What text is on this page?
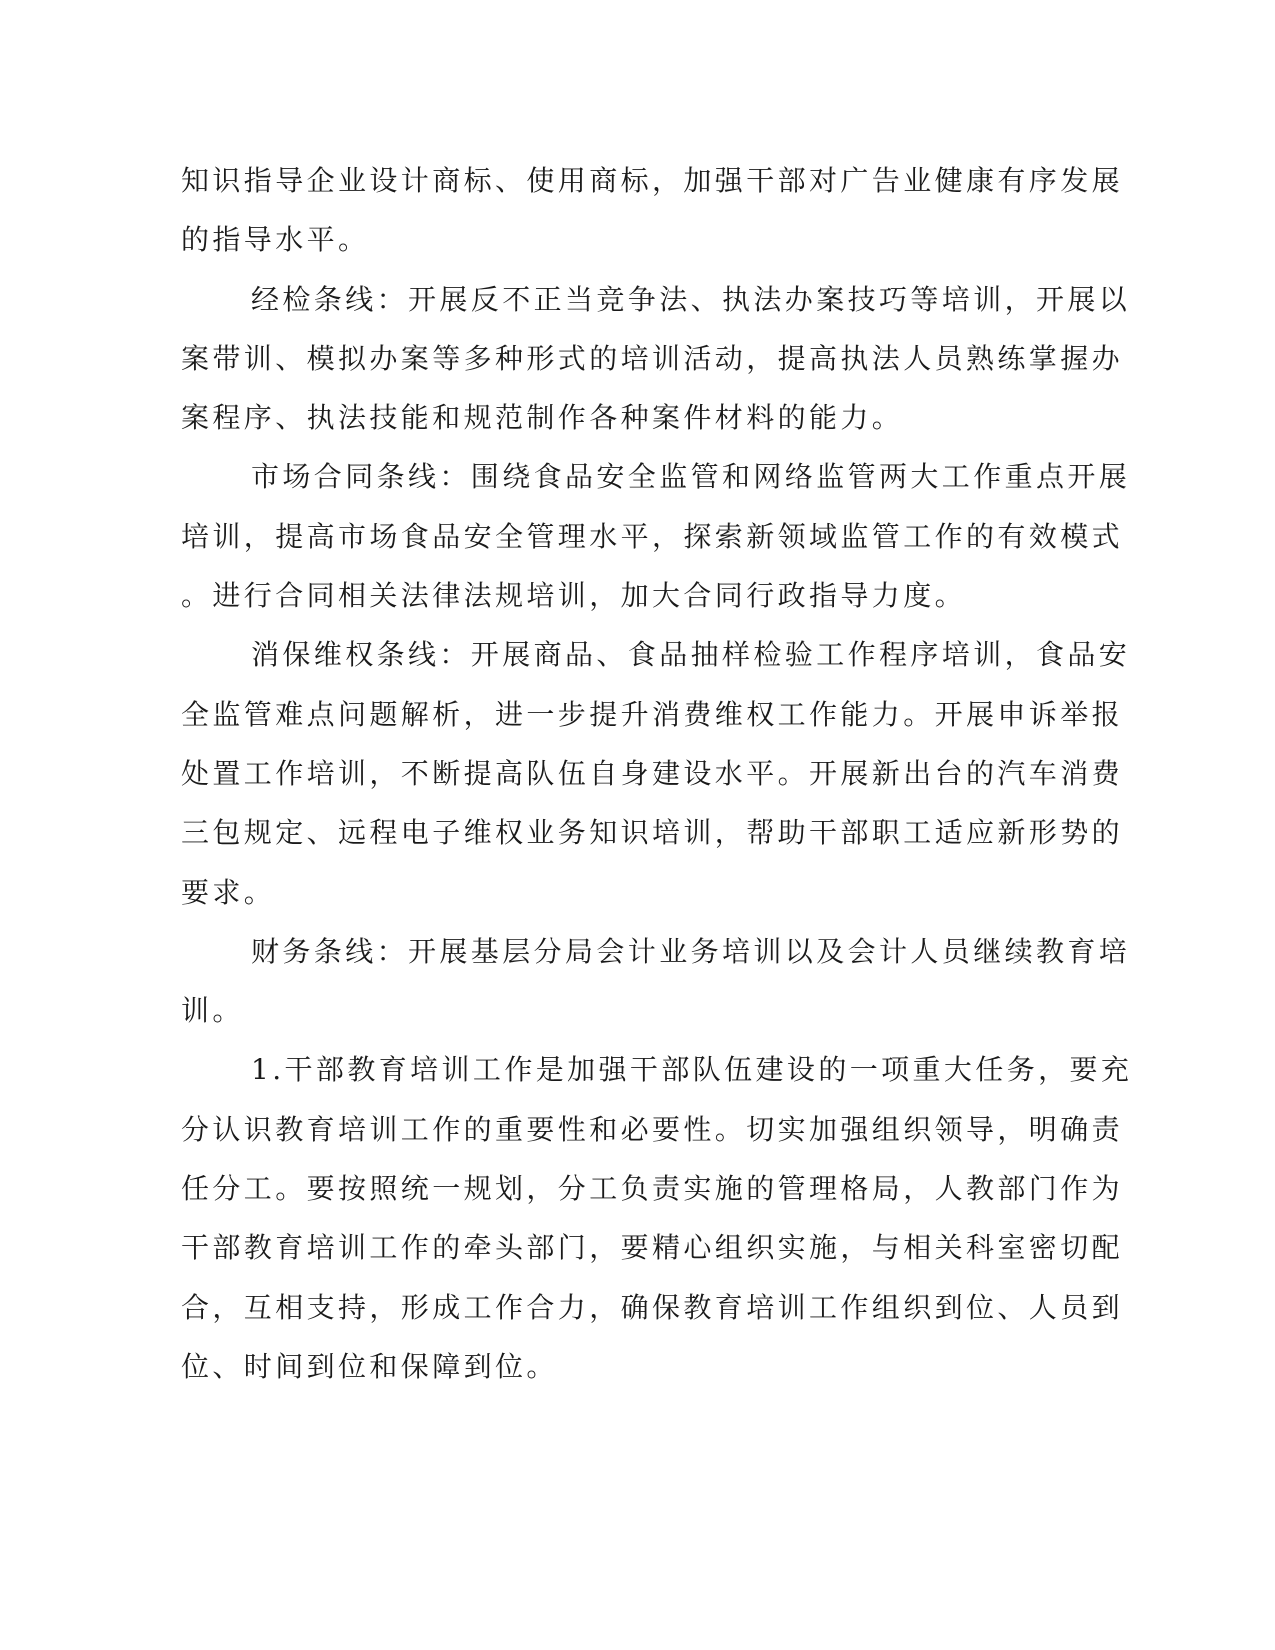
知识指导企业设计商标、使用商标，加强干部对广告业健康有序发展
的指导水平。
经检条线：开展反不正当竞争法、执法办案技巧等培训，开展以
案带训、模拟办案等多种形式的培训活动，提高执法人员熟练掌握办
案程序、执法技能和规范制作各种案件材料的能力。
市场合同条线：围绕食品安全监管和网络监管两大工作重点开展
培训，提高市场食品安全管理水平，探索新领域监管工作的有效模式
。进行合同相关法律法规培训，加大合同行政指导力度。
消保维权条线：开展商品、食品抽样检验工作程序培训，食品安
全监管难点问题解析，进一步提升消费维权工作能力。开展申诉举报
处置工作培训，不断提高队伍自身建设水平。开展新出台的汽车消费
三包规定、远程电子维权业务知识培训，帮助干部职工适应新形势的
要求。
财务条线：开展基层分局会计业务培训以及会计人员继续教育培
训。
1.干部教育培训工作是加强干部队伍建设的一项重大任务，要充
分认识教育培训工作的重要性和必要性。切实加强组织领导，明确责
任分工。要按照统一规划，分工负责实施的管理格局，人教部门作为
干部教育培训工作的牵头部门，要精心组织实施，与相关科室密切配
合，互相支持，形成工作合力，确保教育培训工作组织到位、人员到
位、时间到位和保障到位。
